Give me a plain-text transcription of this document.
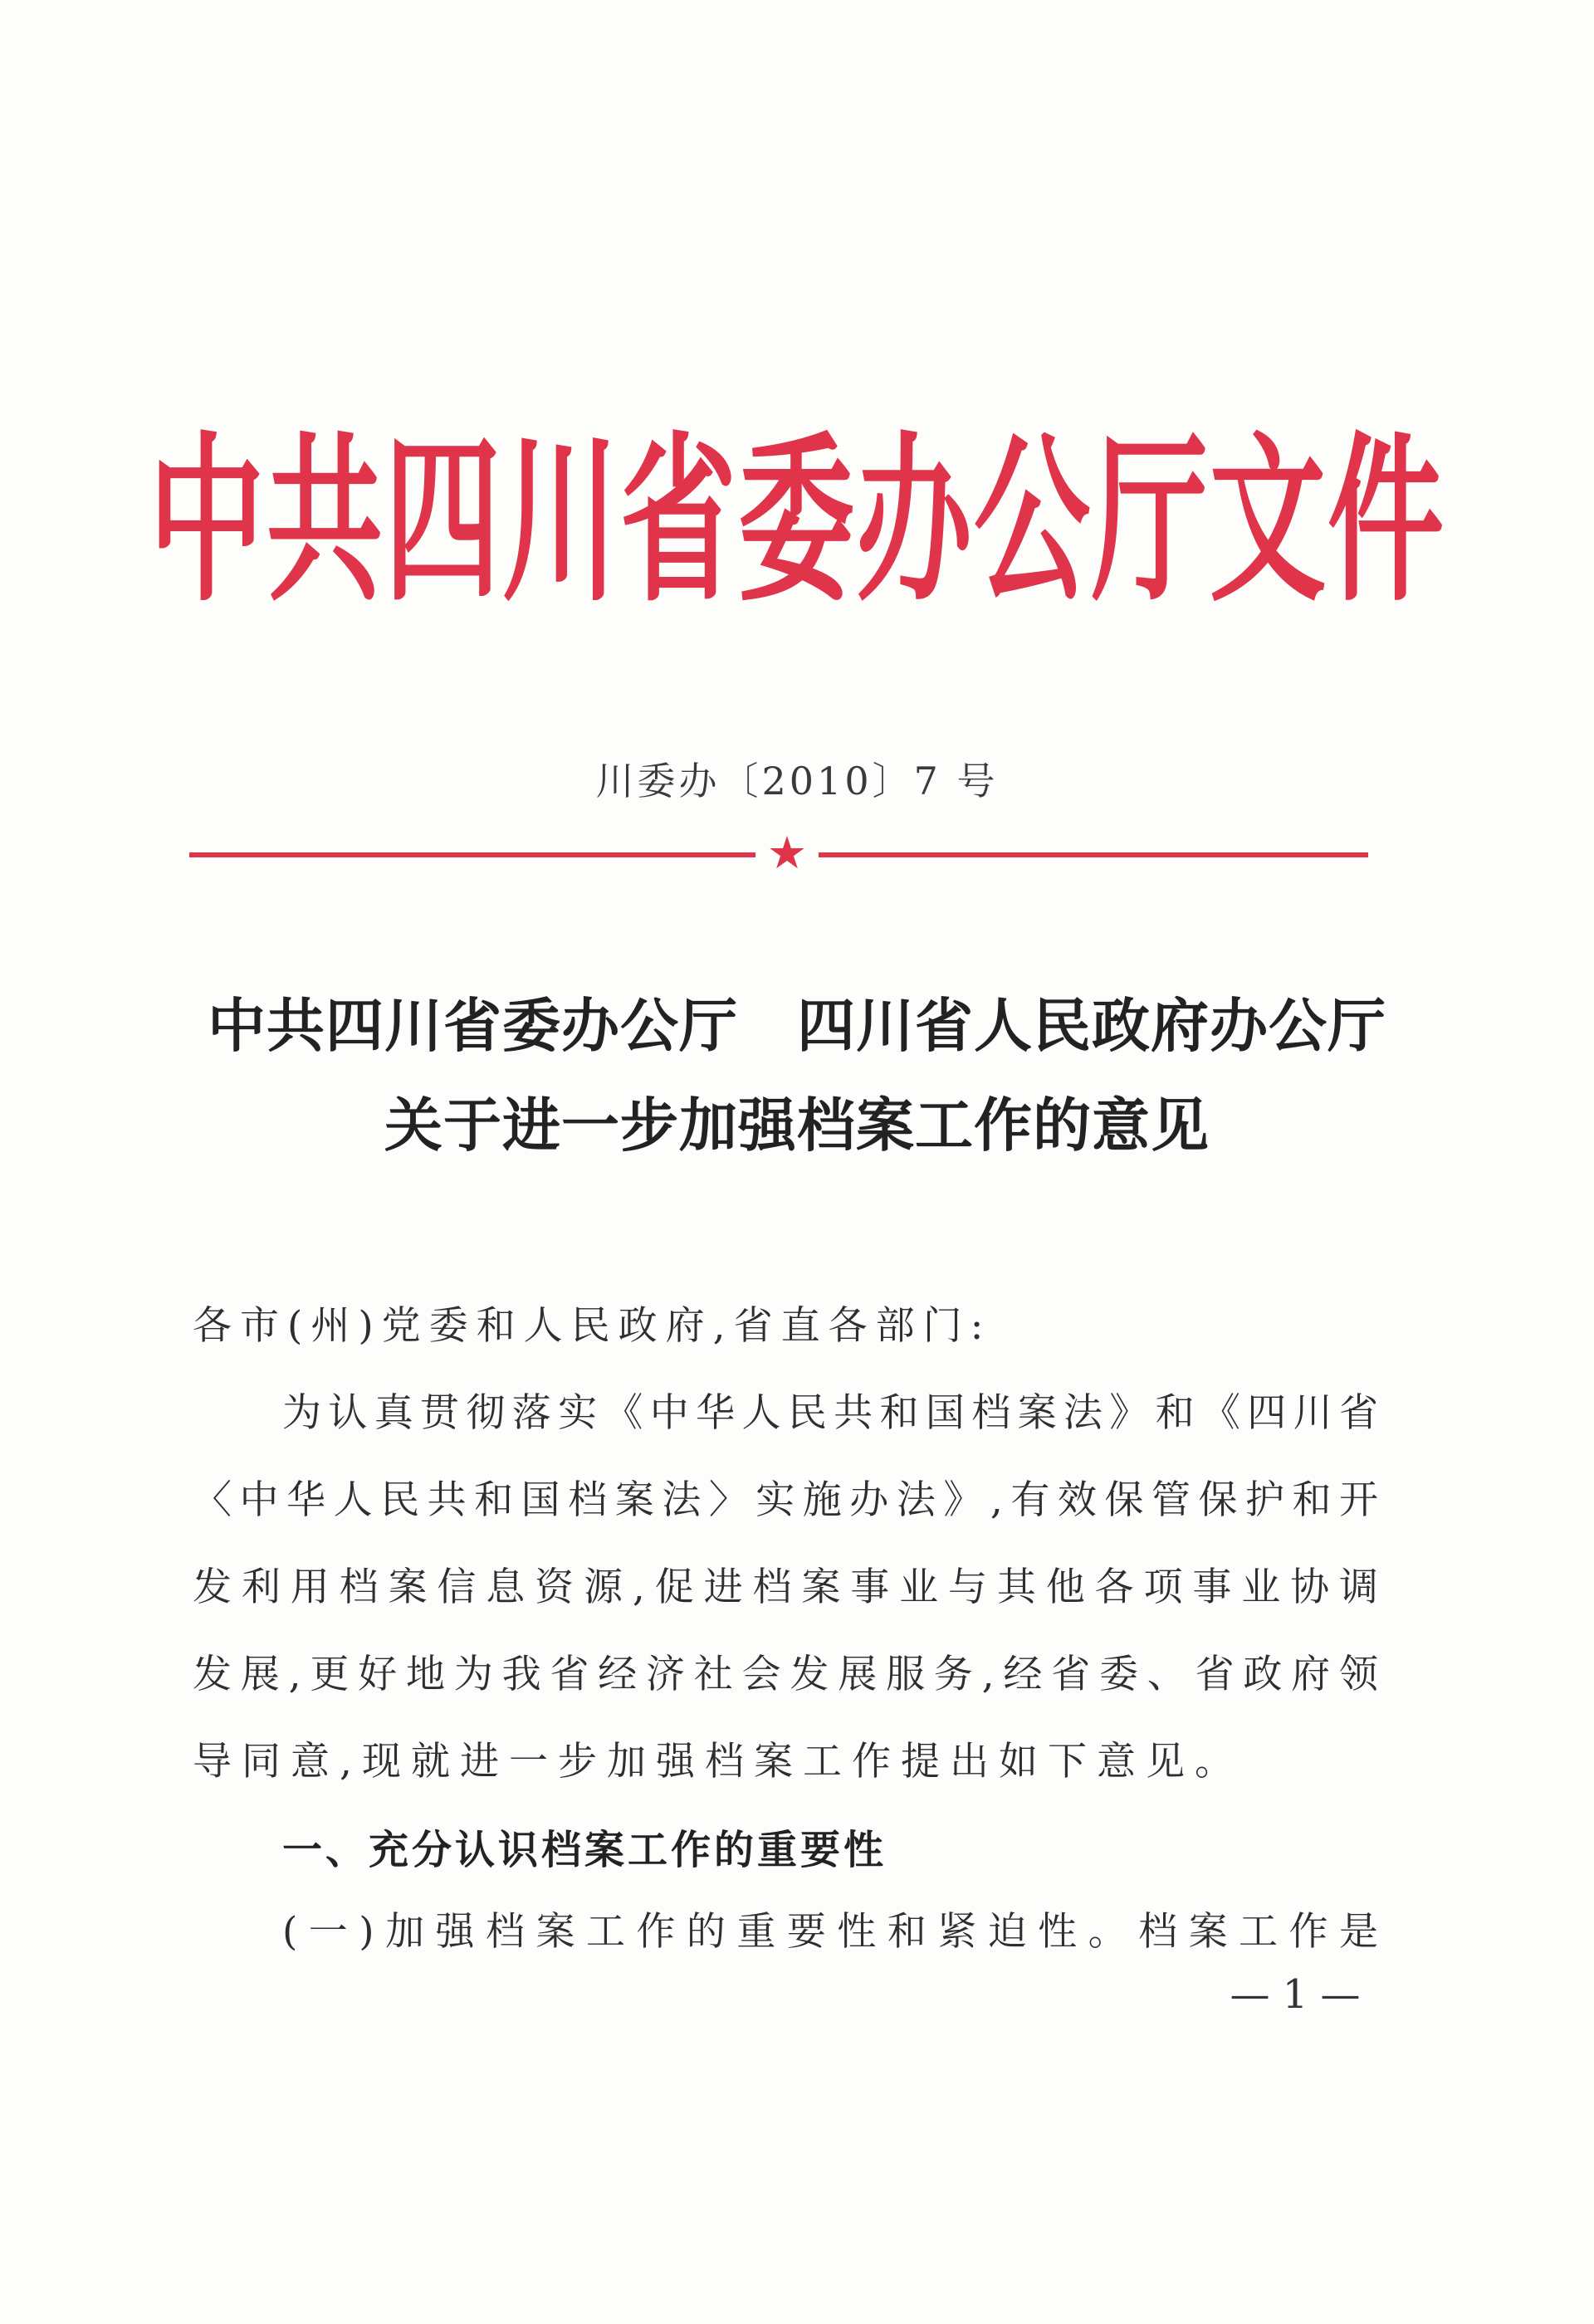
中共四川省委办公厅文件
川委办〔2010〕7 号
★
中共四川省委办公厅　四川省人民政府办公厅
关于进一步加强档案工作的意见
各市(州)党委和人民政府,省直各部门:
为认真贯彻落实《中华人民共和国档案法》和《四川省
〈中华人民共和国档案法〉实施办法》,有效保管保护和开
发利用档案信息资源,促进档案事业与其他各项事业协调
发展,更好地为我省经济社会发展服务,经省委、省政府领
导同意,现就进一步加强档案工作提出如下意见。
一、充分认识档案工作的重要性
(一)加强档案工作的重要性和紧迫性。档案工作是
— 1 —
